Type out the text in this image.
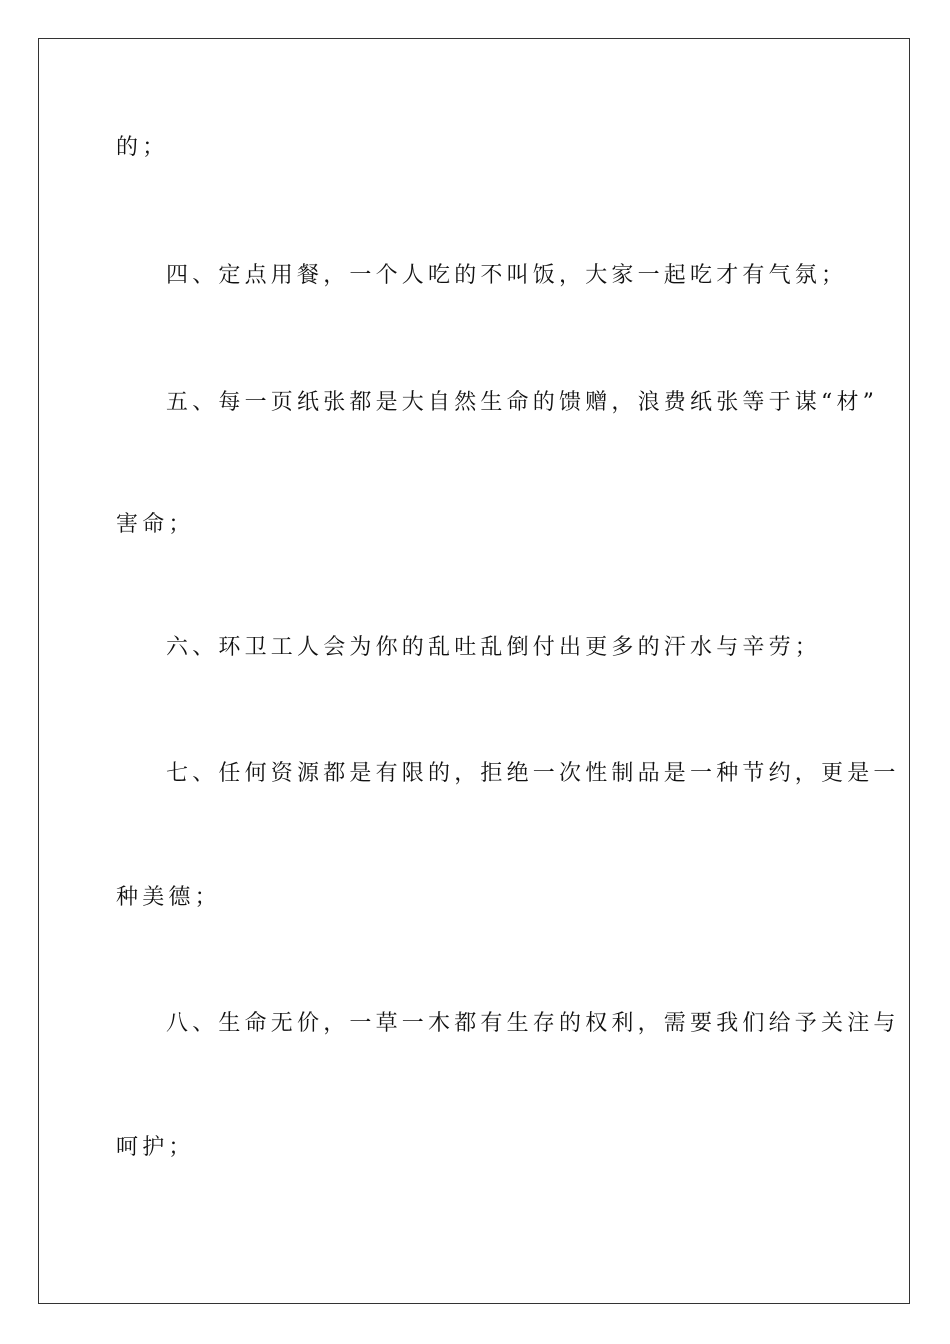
的；
四、定点用餐，一个人吃的不叫饭，大家一起吃才有气氛；
五、每一页纸张都是大自然生命的馈赠，浪费纸张等于谋“材”
害命；
六、环卫工人会为你的乱吐乱倒付出更多的汗水与辛劳；
七、任何资源都是有限的，拒绝一次性制品是一种节约，更是一
种美德；
八、生命无价，一草一木都有生存的权利，需要我们给予关注与
呵护；
